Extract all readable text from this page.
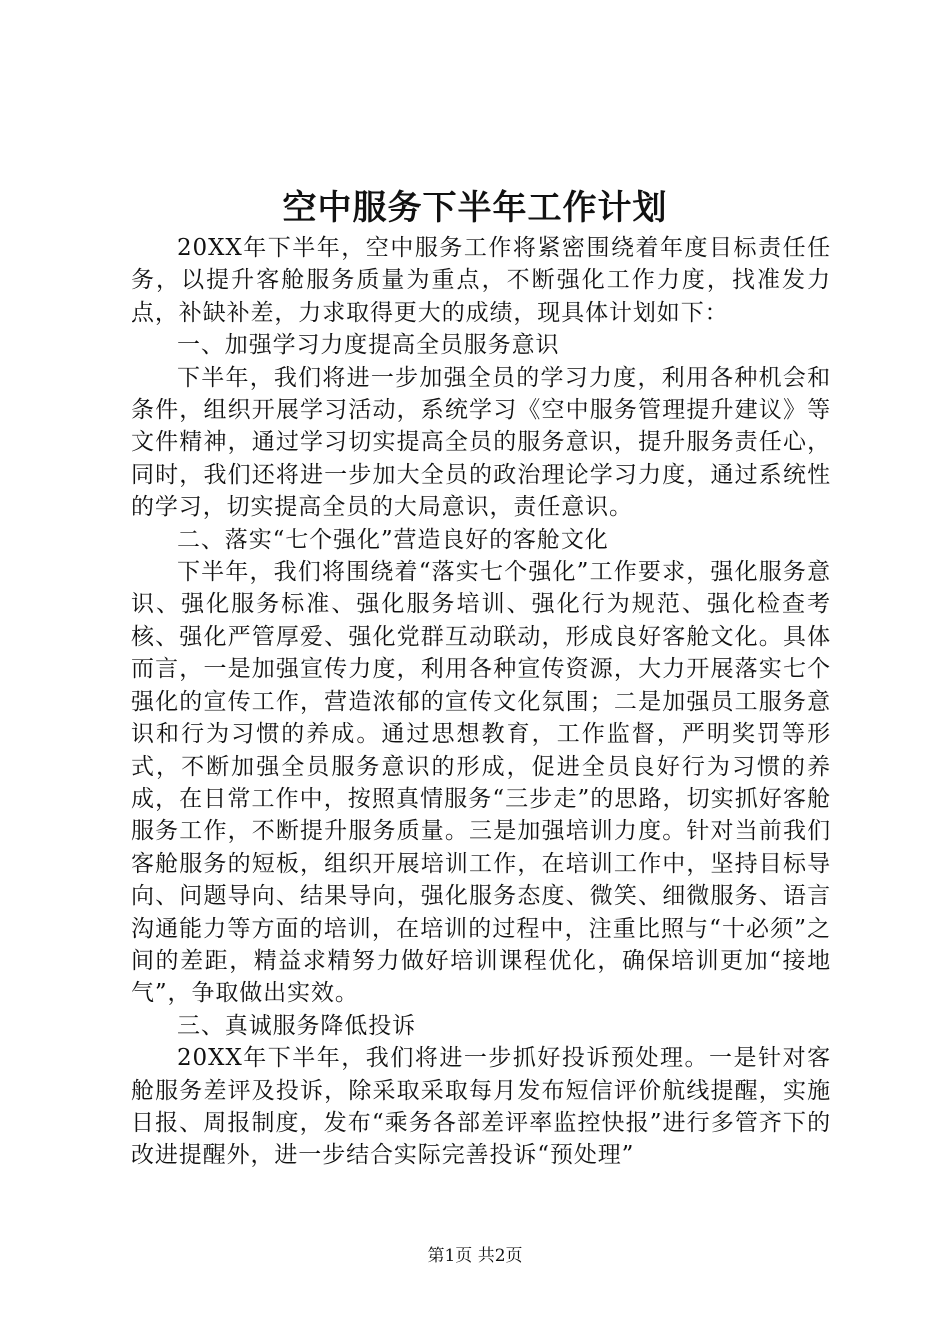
空中服务下半年工作计划

20XX年下半年，空中服务工作将紧密围绕着年度目标责任任务，以提升客舱服务质量为重点，不断强化工作力度，找准发力点，补缺补差，力求取得更大的成绩，现具体计划如下：

一、加强学习力度提高全员服务意识

下半年，我们将进一步加强全员的学习力度，利用各种机会和条件，组织开展学习活动，系统学习《空中服务管理提升建议》等文件精神，通过学习切实提高全员的服务意识，提升服务责任心，同时，我们还将进一步加大全员的政治理论学习力度，通过系统性的学习，切实提高全员的大局意识，责任意识。

二、落实“七个强化”营造良好的客舱文化

下半年，我们将围绕着“落实七个强化”工作要求，强化服务意识、强化服务标准、强化服务培训、强化行为规范、强化检查考核、强化严管厚爱、强化党群互动联动，形成良好客舱文化。具体而言，一是加强宣传力度，利用各种宣传资源，大力开展落实七个强化的宣传工作，营造浓郁的宣传文化氛围；二是加强员工服务意识和行为习惯的养成。通过思想教育，工作监督，严明奖罚等形式，不断加强全员服务意识的形成，促进全员良好行为习惯的养成，在日常工作中，按照真情服务“三步走”的思路，切实抓好客舱服务工作，不断提升服务质量。三是加强培训力度。针对当前我们客舱服务的短板，组织开展培训工作，在培训工作中，坚持目标导向、问题导向、结果导向，强化服务态度、微笑、细微服务、语言沟通能力等方面的培训，在培训的过程中，注重比照与“十必须”之间的差距，精益求精努力做好培训课程优化，确保培训更加“接地气”，争取做出实效。

三、真诚服务降低投诉

20XX年下半年，我们将进一步抓好投诉预处理。一是针对客舱服务差评及投诉，除采取采取每月发布短信评价航线提醒，实施日报、周报制度，发布“乘务各部差评率监控快报”进行多管齐下的改进提醒外，进一步结合实际完善投诉“预处理”

第1页 共2页
